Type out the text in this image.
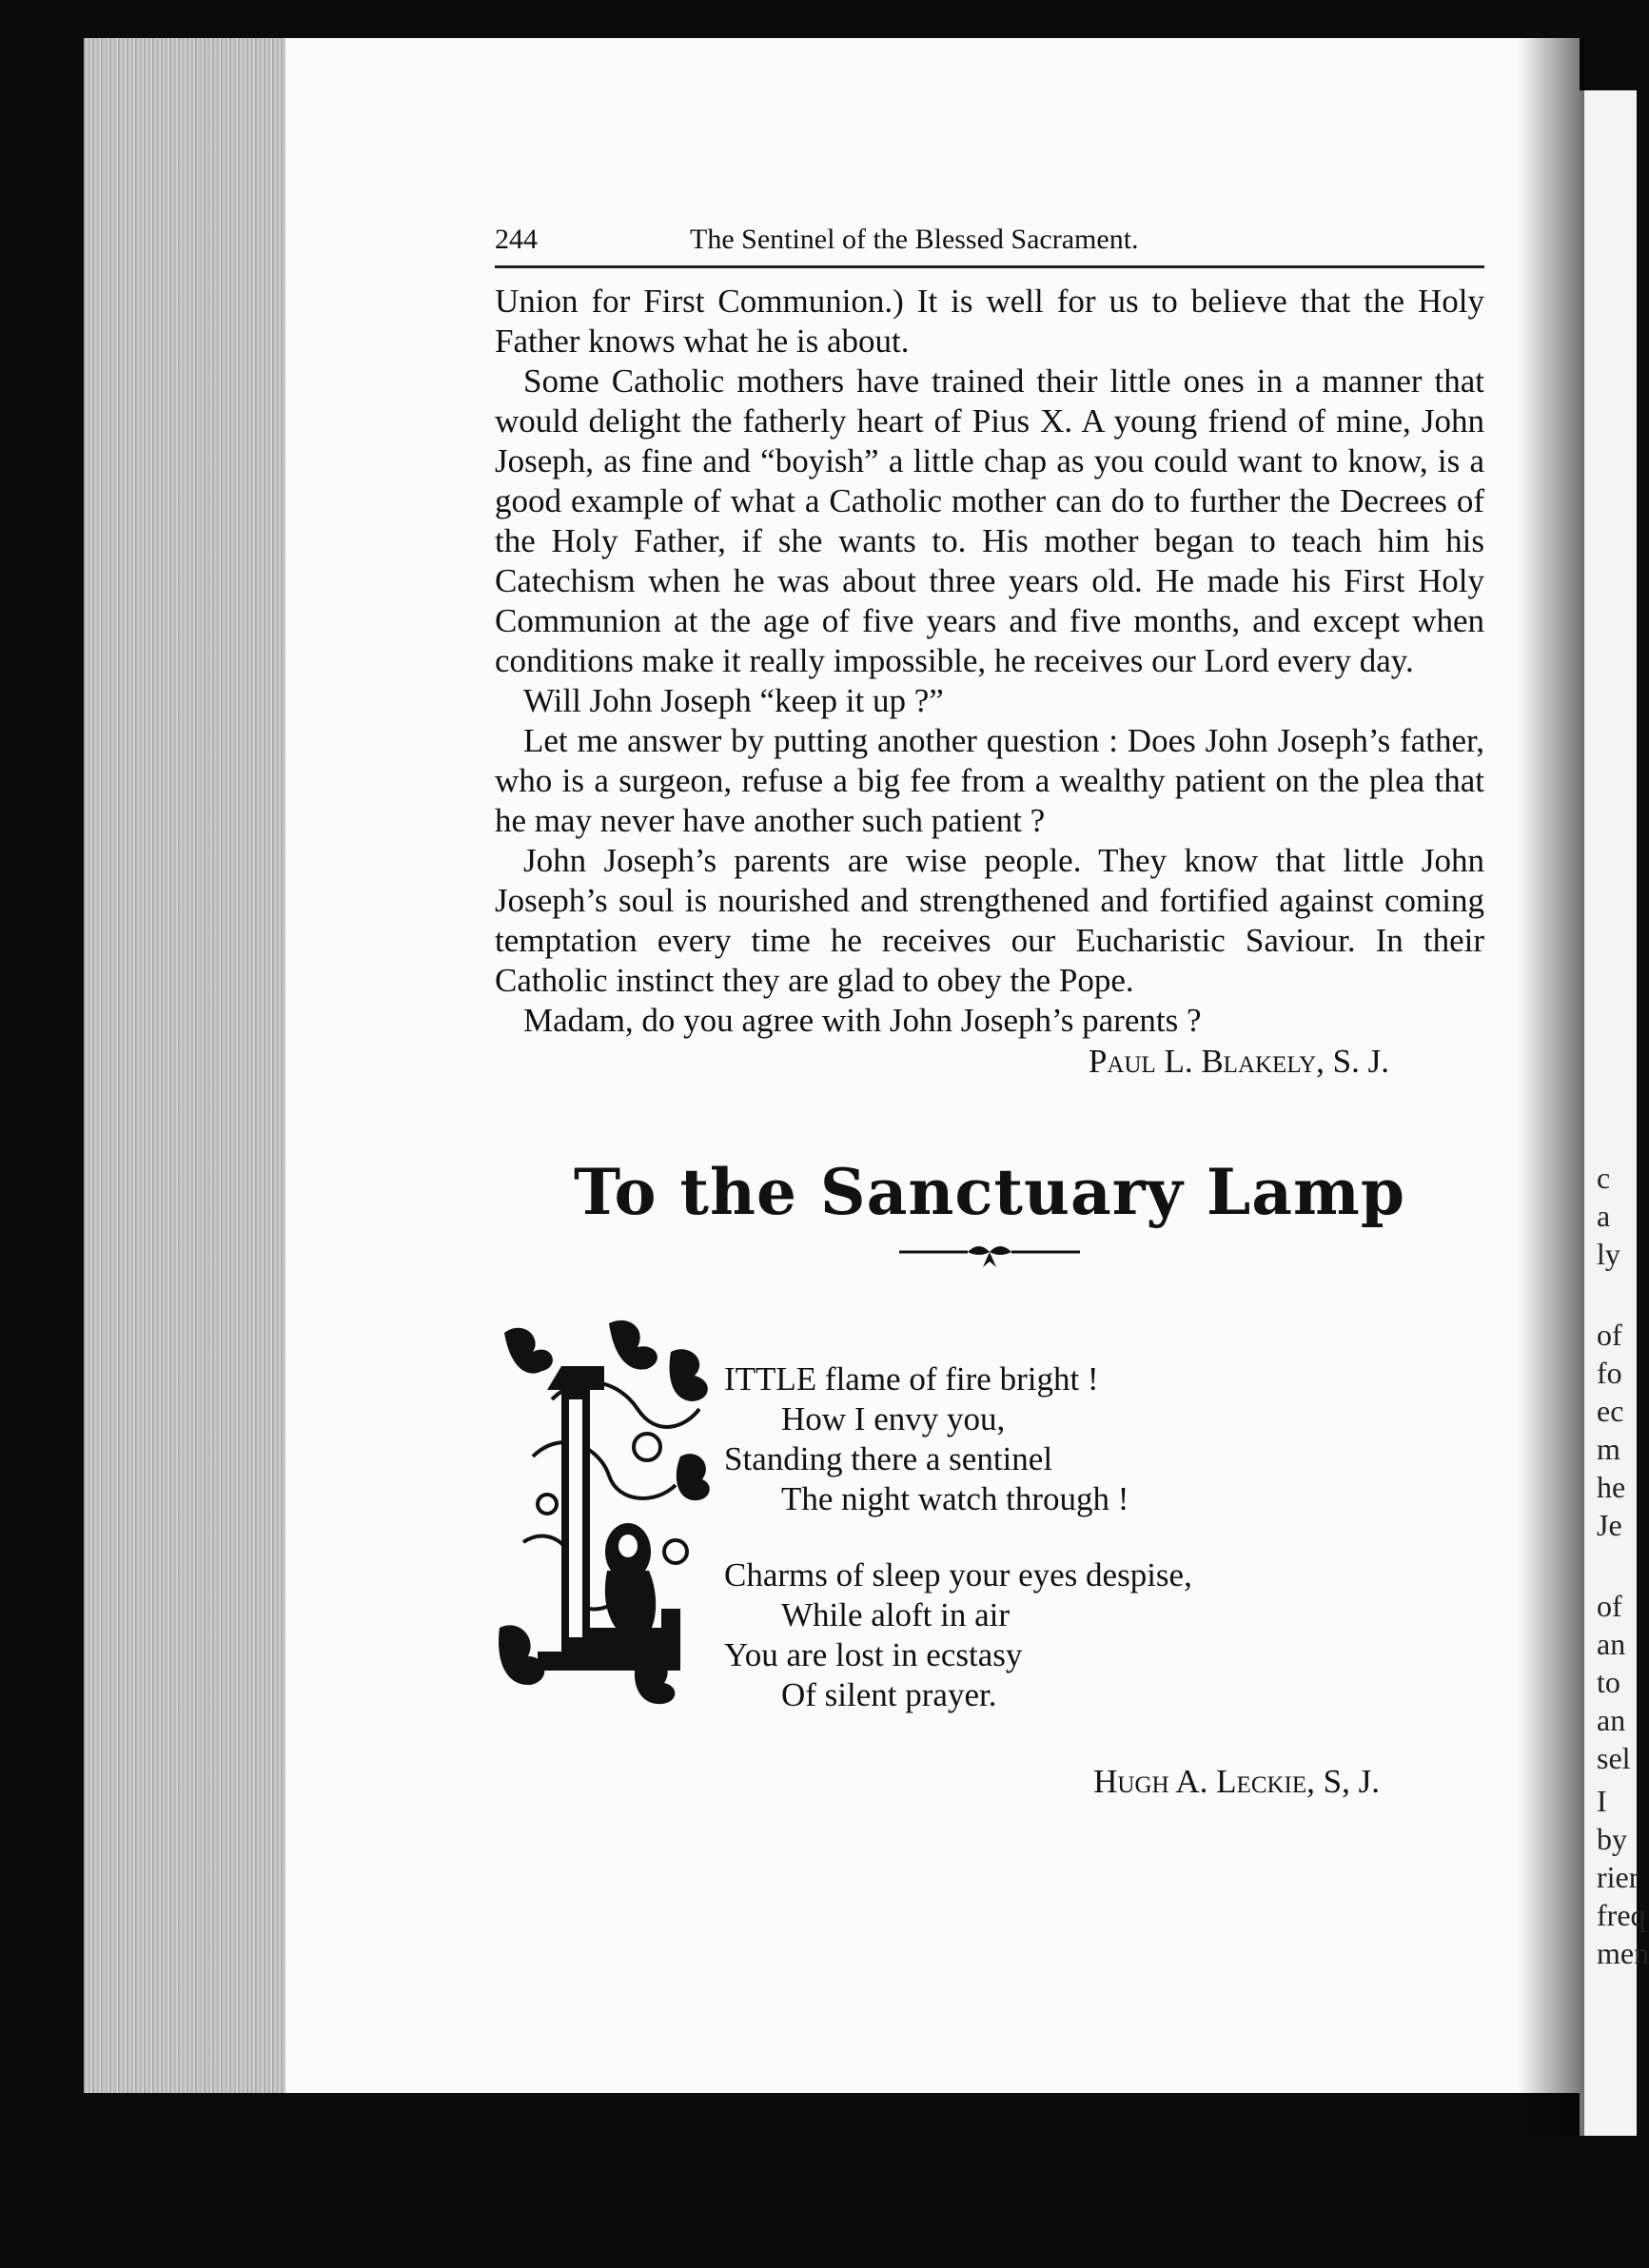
c
a
ly
of
fo
ec
m
he
Je
of
an
to
an
sel
I
by
rier
freq
men
244	The Sentinel of the Blessed Sacrament.

Union for First Communion.) It is well for us to believe that the Holy Father knows what he is about.

Some Catholic mothers have trained their little ones in a manner that would delight the fatherly heart of Pius X. A young friend of mine, John Joseph, as fine and “boyish” a little chap as you could want to know, is a good example of what a Catholic mother can do to further the Decrees of the Holy Father, if she wants to. His mother began to teach him his Catechism when he was about three years old. He made his First Holy Communion at the age of five years and five months, and except when conditions make it really impossible, he receives our Lord every day.

Will John Joseph “keep it up ?”

Let me answer by putting another question : Does John Joseph’s father, who is a surgeon, refuse a big fee from a wealthy patient on the plea that he may never have another such patient ?

John Joseph’s parents are wise people. They know that little John Joseph’s soul is nourished and strengthened and fortified against coming temptation every time he receives our Eucharistic Saviour. In their Catholic instinct they are glad to obey the Pope.

Madam, do you agree with John Joseph’s parents ?

Paul L. Blakely, S. J.
To the Sanctuary Lamp
ITTLE flame of fire bright !
How I envy you,
Standing there a sentinel
The night watch through !
Charms of sleep your eyes despise,
While aloft in air
You are lost in ecstasy
Of silent prayer.
Hugh A. Leckie, S, J.
